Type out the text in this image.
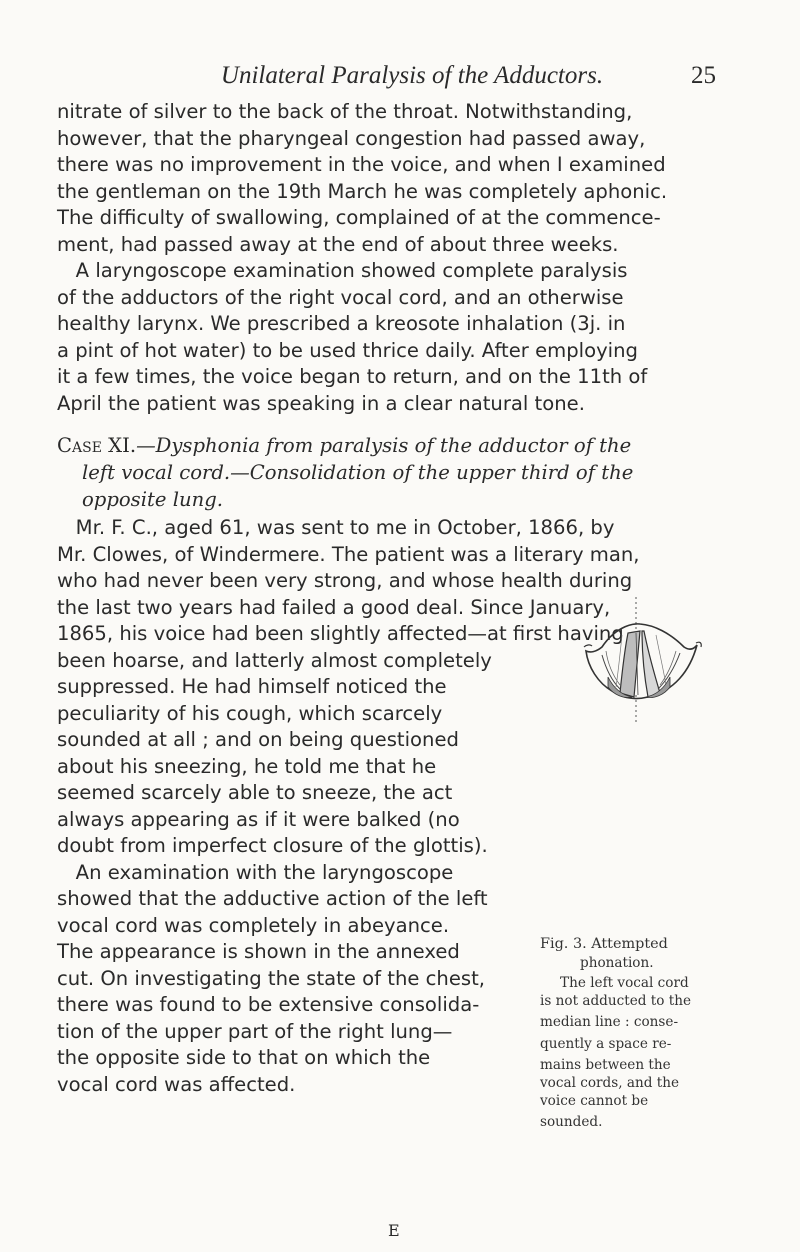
Unilateral Paralysis of the Adductors.	25
nitrate of silver to the back of the throat. Notwithstanding,
however, that the pharyngeal congestion had passed away,
there was no improvement in the voice, and when I examined
the gentleman on the 19th March he was completely aphonic.
The difficulty of swallowing, complained of at the commence-
ment, had passed away at the end of about three weeks.
A laryngoscope examination showed complete paralysis
of the adductors of the right vocal cord, and an otherwise
healthy larynx. We prescribed a kreosote inhalation (3j. in
a pint of hot water) to be used thrice daily. After employing
it a few times, the voice began to return, and on the 11th of
April the patient was speaking in a clear natural tone.
Case XI.—Dysphonia from paralysis of the adductor of the
left vocal cord.—Consolidation of the upper third of the
opposite lung.
Mr. F. C., aged 61, was sent to me in October, 1866, by
Mr. Clowes, of Windermere. The patient was a literary man,
who had never been very strong, and whose health during
the last two years had failed a good deal. Since January,
1865, his voice had been slightly affected—at first having
been hoarse, and latterly almost completely
suppressed. He had himself noticed the
peculiarity of his cough, which scarcely
sounded at all ; and on being questioned
about his sneezing, he told me that he
seemed scarcely able to sneeze, the act
always appearing as if it were balked (no
doubt from imperfect closure of the glottis).
An examination with the laryngoscope
showed that the adductive action of the left
vocal cord was completely in abeyance.
The appearance is shown in the annexed
cut. On investigating the state of the chest,
there was found to be extensive consolida-
tion of the upper part of the right lung—
the opposite side to that on which the
vocal cord was affected.
Fig. 3. Attempted
phonation.
The left vocal cord
is not adducted to the
median line : conse-
quently a space re-
mains between the
vocal cords, and the
voice cannot be
sounded.
E
